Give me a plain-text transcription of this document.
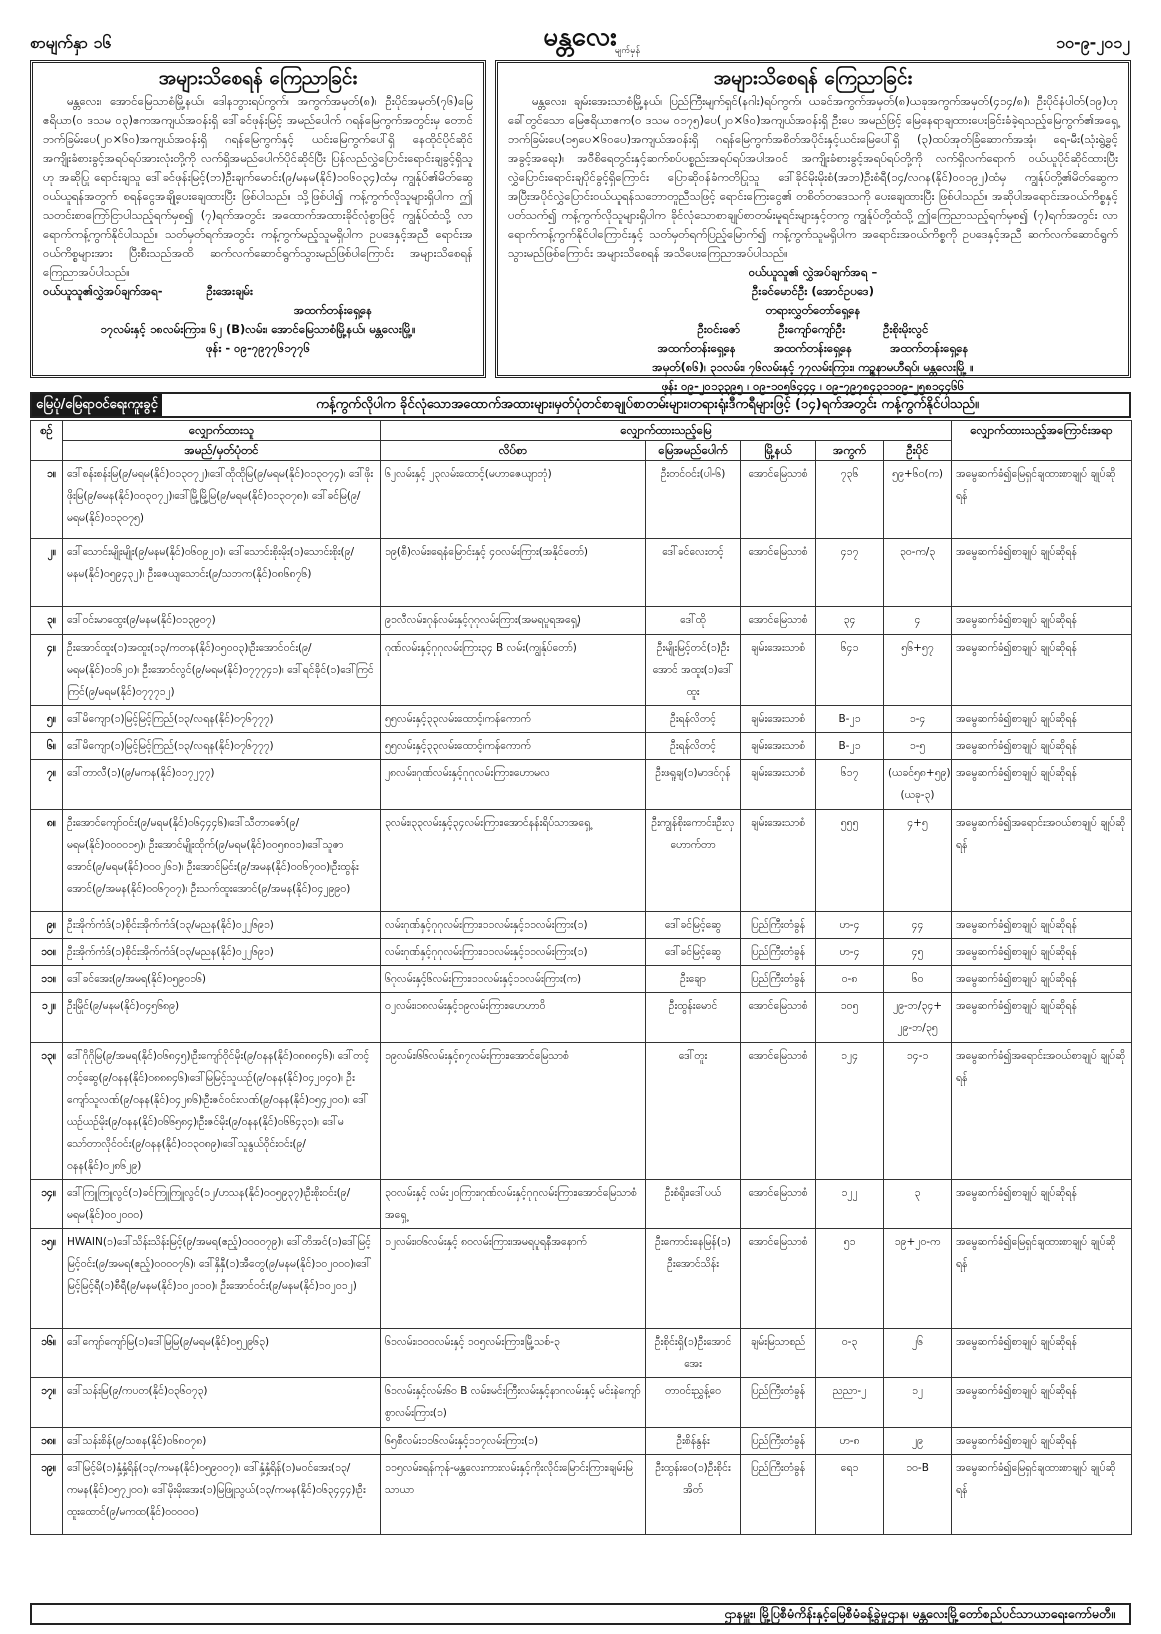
စာမျက်နှာ ၁၆	မန္တလေး
မျက်မှန်	၁၀-၉-၂၀၁၂
အများသိစေရန် ကြေညာခြင်း

မန္တလေး၊ အောင်မြေသာစံမြို့နယ်၊ ဒေါနဘွားရပ်ကွက်၊ အကွက်အမှတ်(၈)၊ ဦးပိုင်အမှတ်(၇၆)မြေ ဧရိယာ(၀ ဒသမ ၀၃)ဧကအကျယ်အဝန်းရှိ ဒေါ်ခင်ဖုန်းမြင့် အမည်ပေါက် ဂရန်မြေကွက်အတွင်းမှ တောင်ဘက်ခြမ်းပေ(၂၀×၆၀)အကျယ်အဝန်းရှိ ဂရန်မြေကွက်နှင့် ယင်းမြေကွက်ပေါ်ရှိ နေထိုင်ပိုင်ဆိုင် အကျိုးခံစားခွင့်အရပ်ရပ်အားလုံးတို့ကို လက်ရှိအမည်ပေါက်ပိုင်ဆိုင်ပြီး ပြန်လည်လွှဲပြောင်းရောင်းချခွင့်ရှိသူဟု အဆိုပြု ရောင်းချသူ ဒေါ်ခင်ဖုန်းမြင့်(ဘ)ဦးချက်မောင်း(၉/မနမ(နိုင်)၁၀၆၀၃၄)ထံမှ ကျွန်ုပ်၏မိတ်ဆွေ ဝယ်ယူရန်အတွက် စရန်ငွေအချို့ပေးချေထားပြီး ဖြစ်ပါသည်။ သို့ဖြစ်ပါ၍ ကန့်ကွက်လိုသူများရှိပါက ဤသတင်းစာကြော်ငြာပါသည့်ရက်မှစ၍ (၇)ရက်အတွင်း အထောက်အထားခိုင်လုံစွာဖြင့် ကျွန်ုပ်ထံသို့ လာရောက်ကန့်ကွက်နိုင်ပါသည်။ သတ်မှတ်ရက်အတွင်း ကန့်ကွက်မည့်သူမရှိပါက ဥပဒေနှင့်အညီ ရောင်းအဝယ်ကိစ္စများအား ပြီးစီးသည်အထိ ဆက်လက်ဆောင်ရွက်သွားမည်ဖြစ်ပါကြောင်း အများသိစေရန် ကြေညာအပ်ပါသည်။

ဝယ်ယူသူ၏လွှဲအပ်ချက်အရ-	ဦးအေးချမ်း
အထက်တန်းရှေ့နေ
၁၇လမ်းနှင့် ၁၈လမ်းကြား၊ ၆၂ (B)လမ်း၊ အောင်မြေသာစံမြို့နယ်၊ မန္တလေးမြို့။
ဖုန်း - ၀၉-၇၉၇၇၆၁၇၇၆
အများသိစေရန် ကြေညာခြင်း

မန္တလေး၊ ချမ်းအေးသာစံမြို့နယ်၊ ပြည်ကြီးမျက်ရှင်(နဂါး)ရပ်ကွက်၊ ယခင်အကွက်အမှတ်(၈)ယခုအကွက်အမှတ်(၄၁၄/၈)၊ ဦးပိုင်နံပါတ်(၁၉)ဟု ခေါ်တွင်သော မြေဧရိယာဧက(၀ ဒသမ ၀၁၇၅)ပေ(၂၀×၆၀)အကျယ်အဝန်းရှိ ဦးပေ အမည်ဖြင့် မြေနေရာချထားပေးခြင်းခံခဲ့ရသည့်မြေကွက်၏အရှေ့ဘက်ခြမ်းပေ(၁၅ပေ×၆၀ပေ)အကျယ်အဝန်းရှိ ဂရန်မြေကွက်အစိတ်အပိုင်းနှင့်ယင်းမြေပေါ်ရှိ (၃)ထပ်အုတ်ခြံဆောက်အအုံ၊ ရေ-မီး(သုံးရွဲ့ခွင့်အခွင့်အရေး)၊ အဝီစိရေတွင်းနှင့်ဆက်စပ်ပစ္စည်းအရပ်ရပ်အပါအဝင် အကျိုးခံစားခွင့်အရပ်ရပ်တို့ကို လက်ရှိလက်ရောက် ဝယ်ယူပိုင်ဆိုင်ထားပြီး လွှဲပြောင်းရောင်းချပိုင်ခွင့်ရှိကြောင်း ပြောဆိုဝန်ခံကတိပြုသူ ဒေါ်ခိုင်မိုးမိုးစံ(အဘ)ဦးစံရီ(၁၄/လဂန(နိုင်)၀၀၁၉၂)ထံမှ ကျွန်ုပ်တို့၏မိတ်ဆွေက အပြီးအပိုင်လွှဲပြောင်းဝယ်ယူရန်သဘောတူညီသဖြင့် ရောင်းကြေးငွေ၏ တစိတ်တဒေသကို ပေးချေထားပြီး ဖြစ်ပါသည်။ အဆိုပါအရောင်းအဝယ်ကိစ္စနှင့်ပတ်သက်၍ ကန့်ကွက်လိုသူများရှိပါက ခိုင်လုံသောစာချုပ်စာတမ်းမူရင်းများနှင့်တကွ ကျွန်ုပ်တို့ထံသို့ ဤကြေညာသည့်ရက်မှစ၍ (၇)ရက်အတွင်း လာရောက်ကန့်ကွက်နိုင်ပါကြောင်းနှင့် သတ်မှတ်ရက်ပြည့်မြောက်၍ ကန့်ကွက်သူမရှိပါက အရောင်းအဝယ်ကိစ္စကို ဥပဒေနှင့်အညီ ဆက်လက်ဆောင်ရွက်သွားမည်ဖြစ်ကြောင်း အများသိစေရန် အသိပေးကြေညာအပ်ပါသည်။

ဝယ်ယူသူ၏ လွှဲအပ်ချက်အရ –
ဦးခင်မောင်ဦး (အောင်ဥပဒေ)
တရားလွှတ်တော်ရှေ့နေ
ဦးဝင်းဇော်	ဦးကျော်ကျော်ဦး	ဦးစိုးမိုးလွင်
အထက်တန်းရှေ့နေ	အထက်တန်းရှေ့နေ	အထက်တန်းရှေ့နေ
အမှတ်(၈၆)၊ ၃၁လမ်း၊ ၇၆လမ်းနှင့် ၇၇လမ်းကြား၊ ကဥ္စနာမဟီရပ်၊ မန္တလေးမြို့ ။
ဖုန်း ၀၉-၂၀၁၃၃၉၅ ၊ ၀၉-၁၀၅၆၄၄၄ ၊ ၀၉-၇၉၇၈၄၃၁၁၀၉-၂၅၈၁၄၄၆၆
မြေပုံ/မြေရာဝင်ရေးကူးခွင့်	ကန့်ကွက်လိုပါက ခိုင်လုံသောအထောက်အထားများ၊မှတ်ပုံတင်စာချုပ်စာတမ်းများ၊တရားရုံးဒီကရီများဖြင့် (၁၄)ရက်အတွင်း ကန့်ကွက်နိုင်ပါသည်။
စဉ်	လျှောက်ထားသူ	လျှောက်ထားသည့်မြေ					လျှောက်ထားသည့်အကြောင်းအရာ
	အမည်/မှတ်ပုံတင်	လိပ်စာ	မြေအမည်ပေါက်	မြို့နယ်	အကွက်	ဦးပိုင်	
၁။	ဒေါ်စန်းစန်းမြ(၉/မရမ(နိုင်)၀၁၃၀၇၂)၊ဒေါ်ထိုထိုမြ(၉/မရမ(နိုင်)၀၁၃၀၇၄)၊ ဒေါ်ဖိုးဖိုးမြ(၉/ဓမန(နိုင်)၀၀၃၀၇၂)၊ဒေါ်မြို့မြို့မြ(၉/မရမ(နိုင်)၀၁၃၀၇၈)၊ ဒေါ်ခင်မြ(၉/မရမ(နိုင်)၀၁၃၀၇၅)	၆၂လမ်းနှင့် ၂၃လမ်းထောင့်(မဟာဇေယျာဘုံ)	ဦးတင်ဝင်း(ပါ-၆)	အောင်မြေသာစံ	၇၃၆	၅၉+၆၀(က)	အမွေဆက်ခံ၍မြေရှင်ချထားစာချုပ် ချုပ်ဆိုရန်
၂။	ဒေါ်သောင်းမျိုးမျိုး(၉/မနမ(နိုင်)၀၆၀၉၂၀)၊ ဒေါ်သောင်းစိုးမိုး(၁)သောင်းစိုး(၉/မနမ(နိုင်)၀၅၉၄၃၂)၊ ဦးဇေယျသောင်း(၉/သဘက(နိုင်)၀၈၆၈၇၆)	၁၉(စီ)လမ်း၊ရေနံမြောင်းနှင့် ၄၀လမ်းကြား(အနိုင်တော်)	ဒေါ်ခင်လေးတင့်	အောင်မြေသာစံ	၄၁၇	၃၀-က/၃	အမွေဆက်ခံ၍စာချုပ် ချုပ်ဆိုရန်
၃။	ဒေါ်ဝင်းမာထွေး(၉/မနမ(နိုင်)၀၁၃၉၀၇)	၉၁လီလမ်း၊ဂုန်လမ်းနှင့်ဂုဂုလမ်းကြား(အမရပူရအရှေ့)	ဒေါ်ထို	အောင်မြေသာစံ	၃၄	၄	အမွေဆက်ခံ၍စာချုပ် ချုပ်ဆိုရန်
၄။	ဦးအောင်ထူး(၁)အထူး(၁၃/ကတန(နိုင်)၀၅၀၀၃)၊ဦးအောင်ဝင်း(၉/မရမ(နိုင်)၀၁၆၂၀)၊ ဦးအောင်လွင်(၉/မရမ(နိုင်)၀၇၇၇၄၁)၊ ဒေါ်ရင်ခိုင်(၁)ဒေါ်ကြင်ကြင်(၉/မရမ(နိုင်)၀၇၇၇၁၂)	ဂုဏ်လမ်းနှင့်ဂုဂုလမ်းကြား၃၄ B လမ်း(ကျွန်ုပ်တော်)	ဦးမျိုးမြင့်တင်(၁)ဦးအောင် အထူး(၁)ဒေါ်ထူး	ချမ်းအေးသာစံ	၆၄၁	၅၆+၅၇	အမွေဆက်ခံ၍စာချုပ် ချုပ်ဆိုရန်
၅။	ဒေါ်မိကျော(၁)မြင့်မြင့်ကြည်(၁၃/လရန(နိုင်)၀၇၆၇၇၇)	၅၅လမ်းနှင့်၃၃လမ်းထောင့်၊ကန်ကောက်	ဦးရန်လိတင့်	ချမ်းအေးသာစံ	B-၂၁	၁-၄	အမွေဆက်ခံ၍စာချုပ် ချုပ်ဆိုရန်
၆။	ဒေါ်မိကျော(၁)မြင့်မြင့်ကြည်(၁၃/လရန(နိုင်)၀၇၆၇၇၇)	၅၅လမ်းနှင့်၃၃လမ်းထောင့်၊ကန်ကောက်	ဦးရန်လိတင့်	ချမ်းအေးသာစံ	B-၂၁	၁-၅	အမွေဆက်ခံ၍စာချုပ် ချုပ်ဆိုရန်
၇။	ဒေါ်တာလီ(၁)(၉/မကန(နိုင်)၀၁၇၂၇၇)	၂၈လမ်း၊ဂုဏ်လမ်းနှင့်ဂုဂုလမ်းကြား၊ဟောမလ	ဦးဖရူချ(၁)မာဒင်ဂုန်	ချမ်းအေးသာစံ	၆၁၇	(ယခင်၅၈+၅၉) (ယခု-၃)	အမွေဆက်ခံ၍စာချုပ် ချုပ်ဆိုရန်
၈။	ဦးအောင်ကျော်ဝင်း(၉/မရမ(နိုင်)၀၆၄၄၄၆)၊ဒေါ်သီတာဇော်(၉/မရမ(နိုင်)၀၀၀၀၁၅)၊ ဦးအောင်မျိုးထိုက်(၉/မရမ(နိုင်)၀၀၅၈၀၁)၊ဒေါ်သူဇာအောင်(၉/မရမ(နိုင်)၀၀၀၂၆၁)၊ ဦးအောင်မြင်း(၉/အမန(နိုင်)၀၀၆၇၀၀)၊ဦးထွန်းအောင်(၉/အမန(နိုင်)၀၀၆၇၀၇)၊ ဦးသက်ထူးအောင်(၉/အမန(နိုင်)၀၄၂၉၉၀)	၃လမ်း၊၃၃လမ်းနှင့်၃၄လမ်းကြား၊အောင်နန်းရိပ်သာအရှေ့	ဦးကျွန်စိုးကောင်း၊ဦးလှဟောက်တာ	ချမ်းအေးသာစံ	၅၅၅	၄+၅	အမွေဆက်ခံ၍အရောင်းအဝယ်စာချုပ် ချုပ်ဆိုရန်
၉။	ဦးအိုက်ကံဒ်(၁)စိုင်းအိုက်ကံဒ်(၁၃/မညန(နိုင်)၀၂၂၆၉၁)	လမ်းဂုဏ်နှင့်ဂုဂုလမ်းကြား၊၁၁လမ်းနှင့်၁၁လမ်းကြား(၁)	ဒေါ်ခင်မြင့်ဆွေ	ပြည်ကြီးတံခွန်	ဟ-၄	၄၄	အမွေဆက်ခံ၍စာချုပ် ချုပ်ဆိုရန်
၁၀။	ဦးအိုက်ကံဒ်(၁)စိုင်းအိုက်ကံဒ်(၁၃/မညန(နိုင်)၀၂၂၆၉၁)	လမ်းဂုဏ်နှင့်ဂုဂုလမ်းကြား၊၁၁လမ်းနှင့်၁၁လမ်းကြား(၁)	ဒေါ်ခင်မြင့်ဆွေ	ပြည်ကြီးတံခွန်	ဟ-၄	၄၅	အမွေဆက်ခံ၍စာချုပ် ချုပ်ဆိုရန်
၁၁။	ဒေါ်ခင်အေး(၉/အမရ(နိုင်)၀၅၉၀၁၆)	၆ဂုလမ်းနှင့်၆လမ်းကြား၊၁၁လမ်းနှင့်၁၁လမ်းကြား(က)	ဦးချော	ပြည်ကြီးတံခွန်	ဝ-၈	၆၀	အမွေဆက်ခံ၍စာချုပ် ချုပ်ဆိုရန်
၁၂။	ဦးမြိုင်(၉/မနမ(နိုင်)၀၄၅၆၈၉)	၀၂လမ်း၊၁၈လမ်းနှင့်၁၉လမ်းကြား၊ဟေဟာဝိ	ဦးထွန်းမောင်	အောင်မြေသာစံ	၁၀၅	၂၉-ဘ/၃၄+ ၂၉-ဘ/၃၅	အမွေဆက်ခံ၍စာချုပ် ချုပ်ဆိုရန်
၁၃။	ဒေါ်ဂိုဂိုမြ(၉/အမရ(နိုင်)၀၆၈၄၅)၊ဦးကျော်ဝိုင်မိုး(၉/ဝနန(နိုင်)၀၈၈၈၄၆)၊ ဒေါ်တင့်တင့်ဆွေ(၉/ဝနန(နိုင်)၀၈၈၈၄၆)၊ဒေါ်မြမြင့်သူယဉ်(၉/ဝနန(နိုင်)၀၄၂၀၄၀)၊ ဦးကျော်သူလဏ်(၉/ဝနန(နိုင်)၀၄၂၈၆)၊ဦးဇင်ဝင်းလဏ်(၉/ဝနန(နိုင်)၀၅၄၂၀၀)၊ ဒေါ်ယဉ်ယဉ်မိုး(၉/ဝနန(နိုင်)၀၆၆၅၈၄)၊ဦးဇင်မိုး(၉/ဝနန(နိုင်)၀၆၆၄၃၁)၊ ဒေါ်မသော်တာလိုင်ဝင်း(၉/ဝနန(နိုင်)၀၁၃၀၈၉)၊ဒေါ်သူနွယ်ဝိုင်းဝင်း(၉/ဝနန(နိုင်)၀၂၈၆၂၉)	၁၉လမ်း၊၆၆လမ်းနှင့်၈၇လမ်းကြား၊အောင်မြေသာစံ	ဒေါ်တူး	အောင်မြေသာစံ	၁၂၄	၁၄-၁	အမွေဆက်ခံ၍အရောင်းအဝယ်စာချုပ် ချုပ်ဆိုရန်
၁၄။	ဒေါ်ကြူကြူလွင်(၁)ခင်ကြူကြူလွင်(၁၂/ဟသန(နိုင်)၀၀၅၉၃၇)၊ဦးစိုးဝင်း(၉/မရမ(နိုင်)၀၀၂၀၀၀)	၃၀လမ်းနှင့် လမ်း၂၀ကြား၊ဂုဏ်လမ်းနှင့်ဂုဂုလမ်းကြား၊အောင်မြေသာစံအရှေ့	ဦးစံရိုး၊ဒေါ်ပယ်	အောင်မြေသာစံ	၁၂၂	၃	အမွေဆက်ခံ၍စာချုပ် ချုပ်ဆိုရန်
၁၅။	HWAIN(၁)ဒေါ်သိန်းသိန်းမြင့်(၉/အမရ(ဧည့်)၀၀၀၀၇၉)၊ ဒေါ်တိအင်(၁)ဒေါ်မြင့်မြင့်ဝင်း(၉/အမရ(ဧည့်)၀၀၀၀၇၆)၊ ဒေါ်နှိနှီ(၁)အီတွေ(၉/မနမ(နိုင်)၁၀၂၀၀၀)၊ဒေါ်မြင့်မြင့်ရီ(၁)စီရီ(၉/မနမ(နိုင်)၁၀၂၀၁၀)၊ ဦးအောင်ဝင်း(၉/မနမ(နိုင်)၁၀၂၀၁၂)	၁၂လမ်း၊၀၆လမ်းနှင့် ၈၀လမ်းကြား၊အမရပူရနီအနောက်	ဦးကောင်းနေမြန်(၁) ဦးအောင်သိန်း	အောင်မြေသာစံ	၅၁	၁၉+၂၀-က	အမွေဆက်ခံ၍မြေရှင်ချထားစာချုပ် ချုပ်ဆိုရန်
၁၆။	ဒေါ်ကျော်ကျော်မြ(၁)ဒေါ်မြမြ(၉/မရမ(နိုင်)၀၅၂၉၆၃)	၆၁လမ်း၊၁၀၀လမ်းနှင့် ၁၀၅လမ်းကြား၊မြို့သစ်-၃	ဦးစိုင်းရှိ(၁)ဦးအောင်အေး	ချမ်းမြသာစည်	၀-၃	၂၆	အမွေဆက်ခံ၍စာချုပ် ချုပ်ဆိုရန်
၁၇။	ဒေါ်သန်းမြ(၉/ကပတ(နိုင်)၀၃၆၀၇၃)	၆၁လမ်းနှင့်လမ်း၆၀ B လမ်း၊မင်းကြီးလမ်းနှင့်နာဂလမ်းနှင့် မင်းနဲကျော်စွာလမ်းကြား(၁)	တာဝင်းညွှန့်ဝေ	ပြည်ကြီးတံခွန်	ညညာ-၂	၁၂	အမွေဆက်ခံ၍စာချုပ် ချုပ်ဆိုရန်
၁၈။	ဒေါ်သန်းစိန်(၉/သစန(နိုင်)၀၆၈၀၇၈)	၆၅စီလမ်း၁၁၆လမ်းနှင့်၁၁၇လမ်းကြား(၁)	ဦးစိန်နွန်း	ပြည်ကြီးတံခွန်	ဟ-၈	၂၉	အမွေဆက်ခံ၍စာချုပ် ချုပ်ဆိုရန်
၁၉။	ဒေါ်မြင့်မိ(၁)နှံ့နှံ့ရိန်(၁၃/ကမန(နိုင်)၀၅၉၀၀၇)၊ ဒေါ်နှံ့နှံ့ရိန်(၁)မဝင်အေး(၁၃/ကမန(နိုင်)၀၅၇၂၀၀)၊ ဒေါ်မိုးမိုးအေး(၁)မြဖြူသွယ်(၁၃/ကမန(နိုင်)၀၆၃၄၄၄)၊ဦးထူးထောင်(၉/မကထ(နိုင်)၀၀၀၀၀)	၁၁၅လမ်း၊ရန်ကုန်-မန္တလေးကားလမ်းနှင့်ကိုးလိုင်းမြောင်းကြား၊ချမ်းမြသာယာ	ဦးထွန်းဝေ(၁)ဦးစိုင်းအိတ်	ပြည်ကြီးတံခွန်	ရေ၁	၁၀-B	အမွေဆက်ခံ၍မြေရှင်ချထားစာချုပ် ချုပ်ဆိုရန်
ဌာနမှူး၊ မြို့ပြစီမံကိန်းနှင့်မြေစီမံခန့်ခွဲမှုဌာန၊ မန္တလေးမြို့တော်စည်ပင်သာယာရေးကော်မတီ။
